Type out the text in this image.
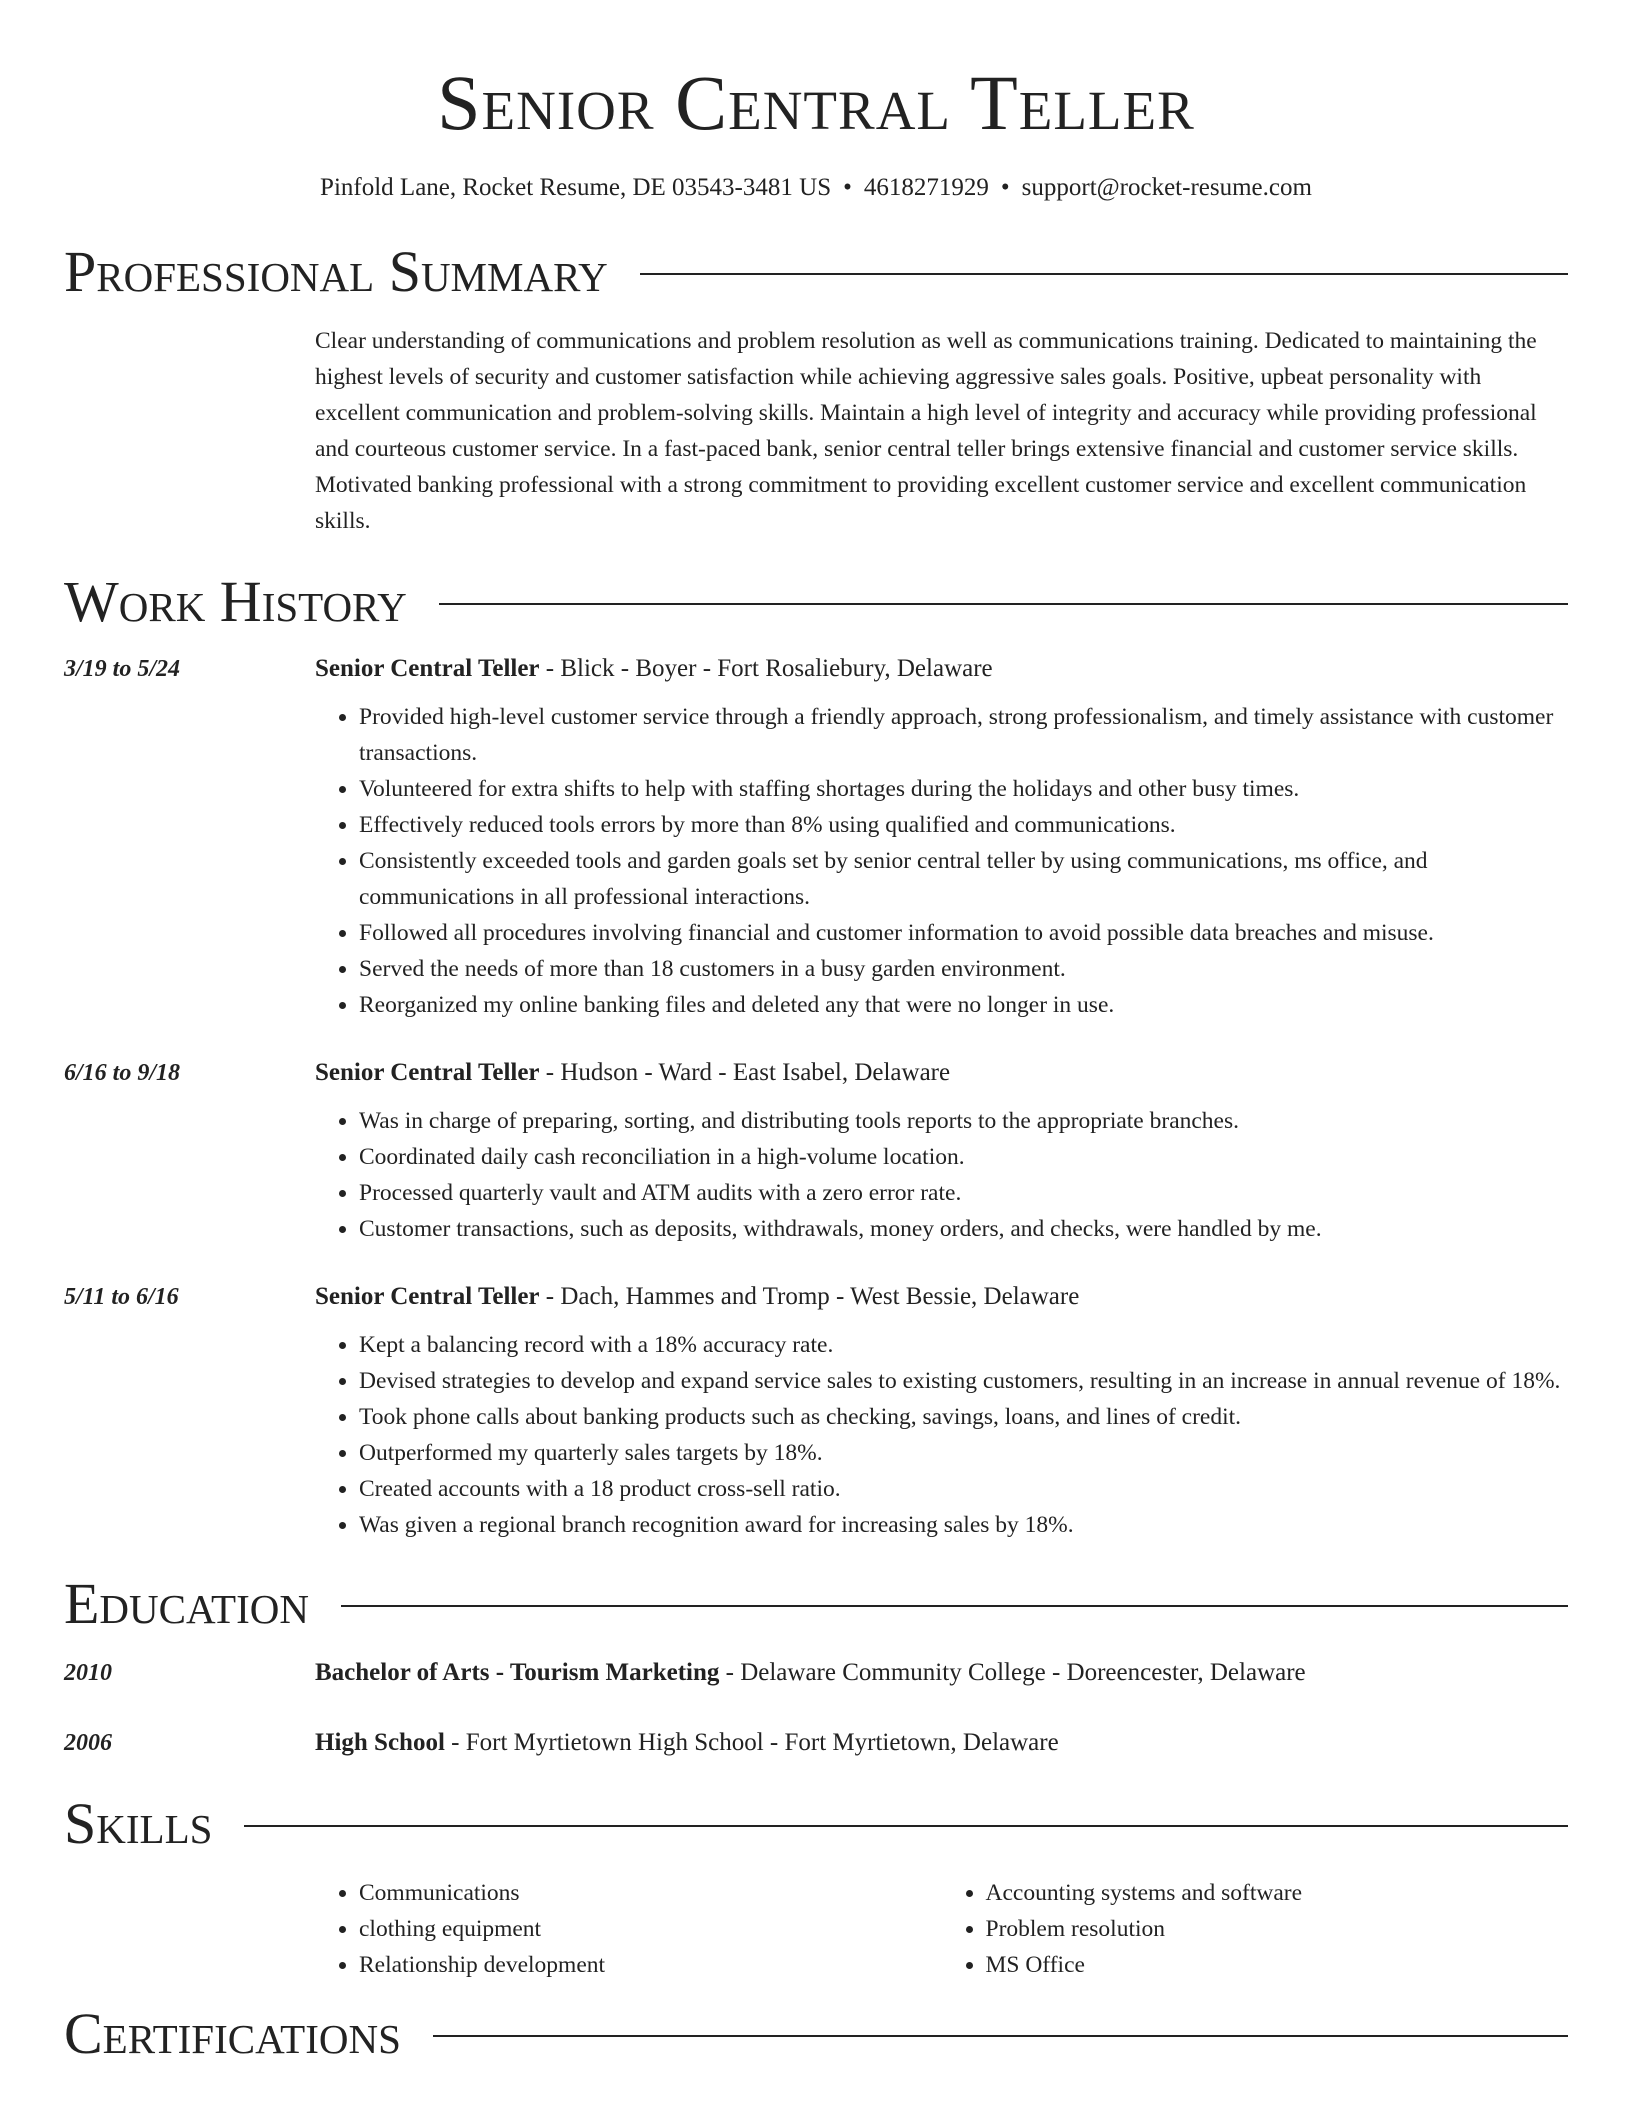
Senior Central Teller
Pinfold Lane, Rocket Resume, DE 03543-3481 US • 4618271929 • support@rocket-resume.com
Professional Summary
Clear understanding of communications and problem resolution as well as communications training. Dedicated to maintaining the highest levels of security and customer satisfaction while achieving aggressive sales goals. Positive, upbeat personality with excellent communication and problem-solving skills. Maintain a high level of integrity and accuracy while providing professional and courteous customer service. In a fast-paced bank, senior central teller brings extensive financial and customer service skills. Motivated banking professional with a strong commitment to providing excellent customer service and excellent communication skills.
Work History
3/19 to 5/24	Senior Central Teller - Blick - Boyer - Fort Rosaliebury, Delaware
• Provided high-level customer service through a friendly approach, strong professionalism, and timely assistance with customer transactions.
• Volunteered for extra shifts to help with staffing shortages during the holidays and other busy times.
• Effectively reduced tools errors by more than 8% using qualified and communications.
• Consistently exceeded tools and garden goals set by senior central teller by using communications, ms office, and communications in all professional interactions.
• Followed all procedures involving financial and customer information to avoid possible data breaches and misuse.
• Served the needs of more than 18 customers in a busy garden environment.
• Reorganized my online banking files and deleted any that were no longer in use.
6/16 to 9/18	Senior Central Teller - Hudson - Ward - East Isabel, Delaware
• Was in charge of preparing, sorting, and distributing tools reports to the appropriate branches.
• Coordinated daily cash reconciliation in a high-volume location.
• Processed quarterly vault and ATM audits with a zero error rate.
• Customer transactions, such as deposits, withdrawals, money orders, and checks, were handled by me.
5/11 to 6/16	Senior Central Teller - Dach, Hammes and Tromp - West Bessie, Delaware
• Kept a balancing record with a 18% accuracy rate.
• Devised strategies to develop and expand service sales to existing customers, resulting in an increase in annual revenue of 18%.
• Took phone calls about banking products such as checking, savings, loans, and lines of credit.
• Outperformed my quarterly sales targets by 18%.
• Created accounts with a 18 product cross-sell ratio.
• Was given a regional branch recognition award for increasing sales by 18%.
Education
2010	Bachelor of Arts - Tourism Marketing - Delaware Community College - Doreencester, Delaware
2006	High School - Fort Myrtietown High School - Fort Myrtietown, Delaware
Skills
• Communications
• clothing equipment
• Relationship development
• Accounting systems and software
• Problem resolution
• MS Office
Certifications
